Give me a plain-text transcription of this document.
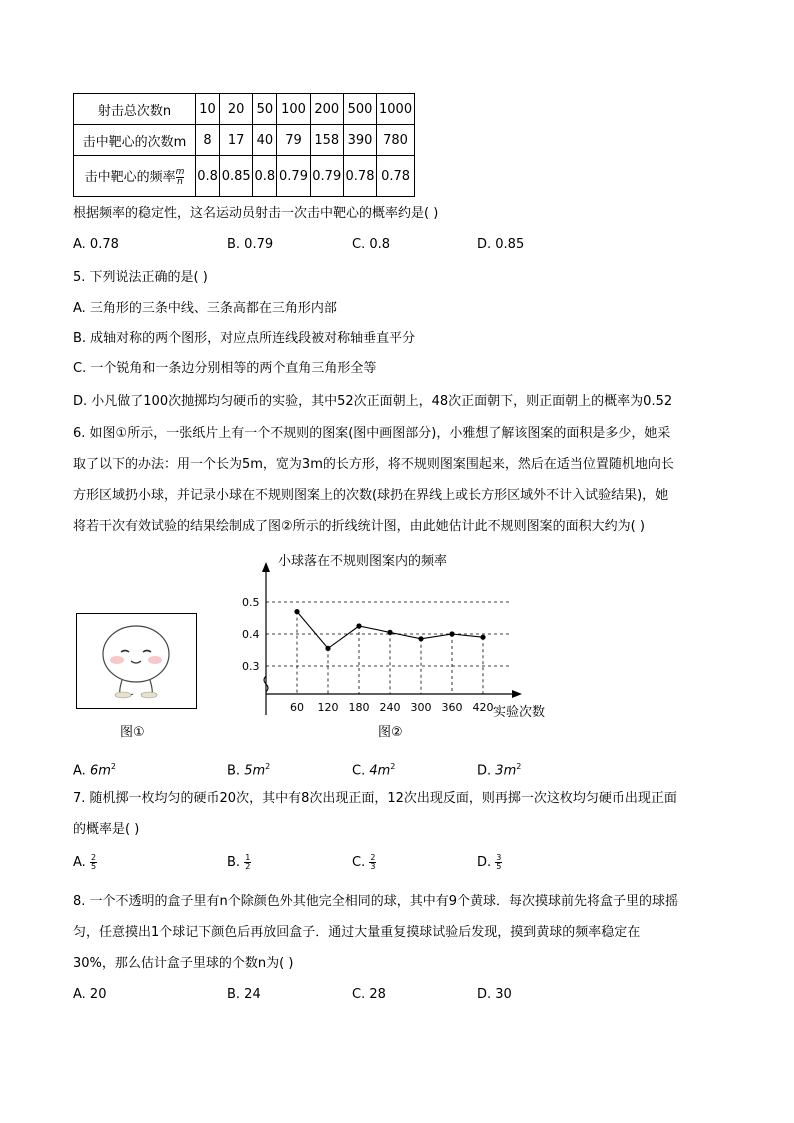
射击总次数n	10	20	50	100	200	500	1000
击中靶心的次数m	8	17	40	79	158	390	780
击中靶心的频率 $\frac{m}{n}$	0.8	0.85	0.8	0.79	0.79	0.78	0.78
根据频率的稳定性，这名运动员射击一次击中靶心的概率约是( )
A. 0.78	B. 0.79	C. 0.8	D. 0.85
5. 下列说法正确的是( )
A. 三角形的三条中线、三条高都在三角形内部
B. 成轴对称的两个图形，对应点所连线段被对称轴垂直平分
C. 一个锐角和一条边分别相等的两个直角三角形全等
D. 小凡做了100次抛掷均匀硬币的实验，其中52次正面朝上，48次正面朝下，则正面朝上的概率为0.52
6. 如图①所示，一张纸片上有一个不规则的图案(图中画图部分)，小雅想了解该图案的面积是多少，她采
取了以下的办法：用一个长为5m，宽为3m的长方形，将不规则图案围起来，然后在适当位置随机地向长
方形区域扔小球，并记录小球在不规则图案上的次数(球扔在界线上或长方形区域外不计入试验结果)，她
将若干次有效试验的结果绘制成了图②所示的折线统计图，由此她估计此不规则图案的面积大约为( )
图①
0.3
0.4
0.5
60 120 180 240 300 360 420
小球落在不规则图案内的频率
实验次数
图②
A. $6m^2$	B. $5m^2$	C. $4m^2$	D. $3m^2$
7. 随机掷一枚均匀的硬币20次，其中有8次出现正面，12次出现反面，则再掷一次这枚均匀硬币出现正面
的概率是( )
A. $\frac{2}{5}$	B. $\frac{1}{2}$	C. $\frac{2}{3}$	D. $\frac{3}{5}$
8. 一个不透明的盒子里有n个除颜色外其他完全相同的球，其中有9个黄球．每次摸球前先将盒子里的球摇
匀，任意摸出1个球记下颜色后再放回盒子．通过大量重复摸球试验后发现，摸到黄球的频率稳定在
30%，那么估计盒子里球的个数n为( )
A. 20	B. 24	C. 28	D. 30
